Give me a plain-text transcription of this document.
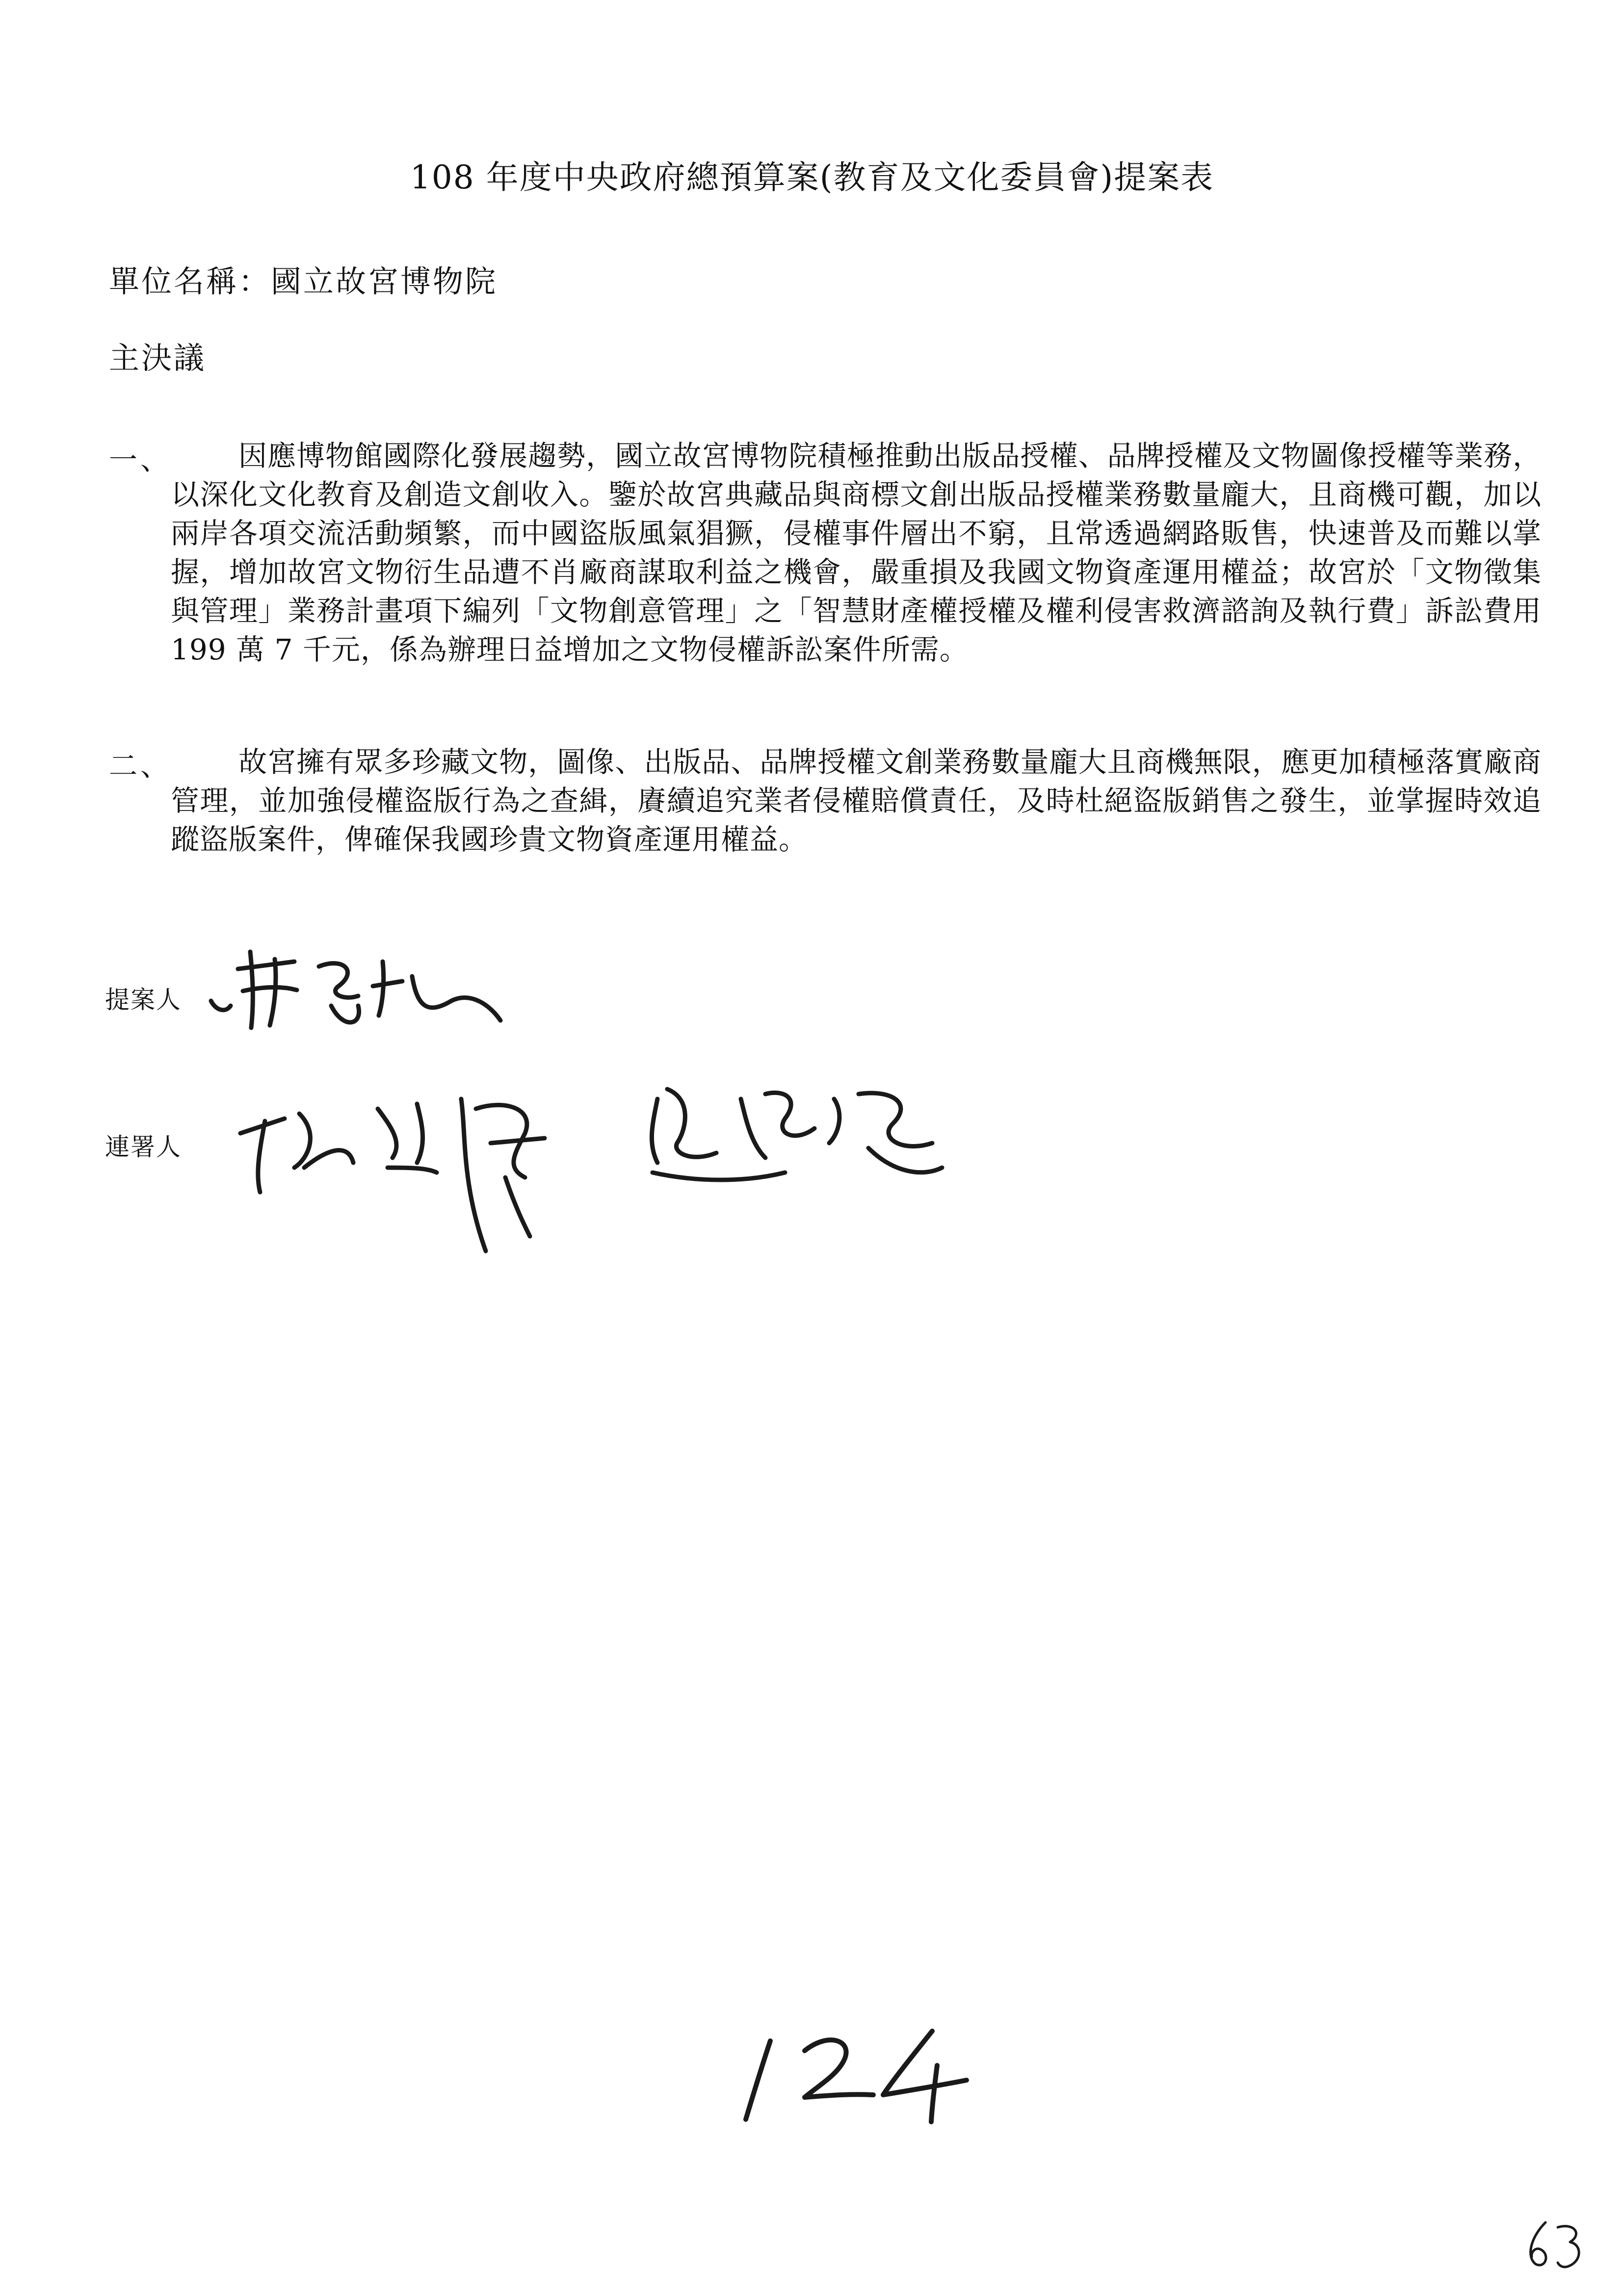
108 年度中央政府總預算案(教育及文化委員會)提案表
單位名稱：國立故宮博物院
主決議
一、	因應博物館國際化發展趨勢，國立故宮博物院積極推動出版品授權、品牌授權及文物圖像授權等業務，以深化文化教育及創造文創收入。鑒於故宮典藏品與商標文創出版品授權業務數量龐大，且商機可觀，加以兩岸各項交流活動頻繁，而中國盜版風氣猖獗，侵權事件層出不窮，且常透過網路販售，快速普及而難以掌握，增加故宮文物衍生品遭不肖廠商謀取利益之機會，嚴重損及我國文物資產運用權益；故宮於「文物徵集與管理」業務計畫項下編列「文物創意管理」之「智慧財產權授權及權利侵害救濟諮詢及執行費」訴訟費用 199 萬 7 千元，係為辦理日益增加之文物侵權訴訟案件所需。
二、	故宮擁有眾多珍藏文物，圖像、出版品、品牌授權文創業務數量龐大且商機無限，應更加積極落實廠商管理，並加強侵權盜版行為之查緝，賡續追究業者侵權賠償責任，及時杜絕盜版銷售之發生，並掌握時效追蹤盜版案件，俾確保我國珍貴文物資產運用權益。
提案人
連署人
